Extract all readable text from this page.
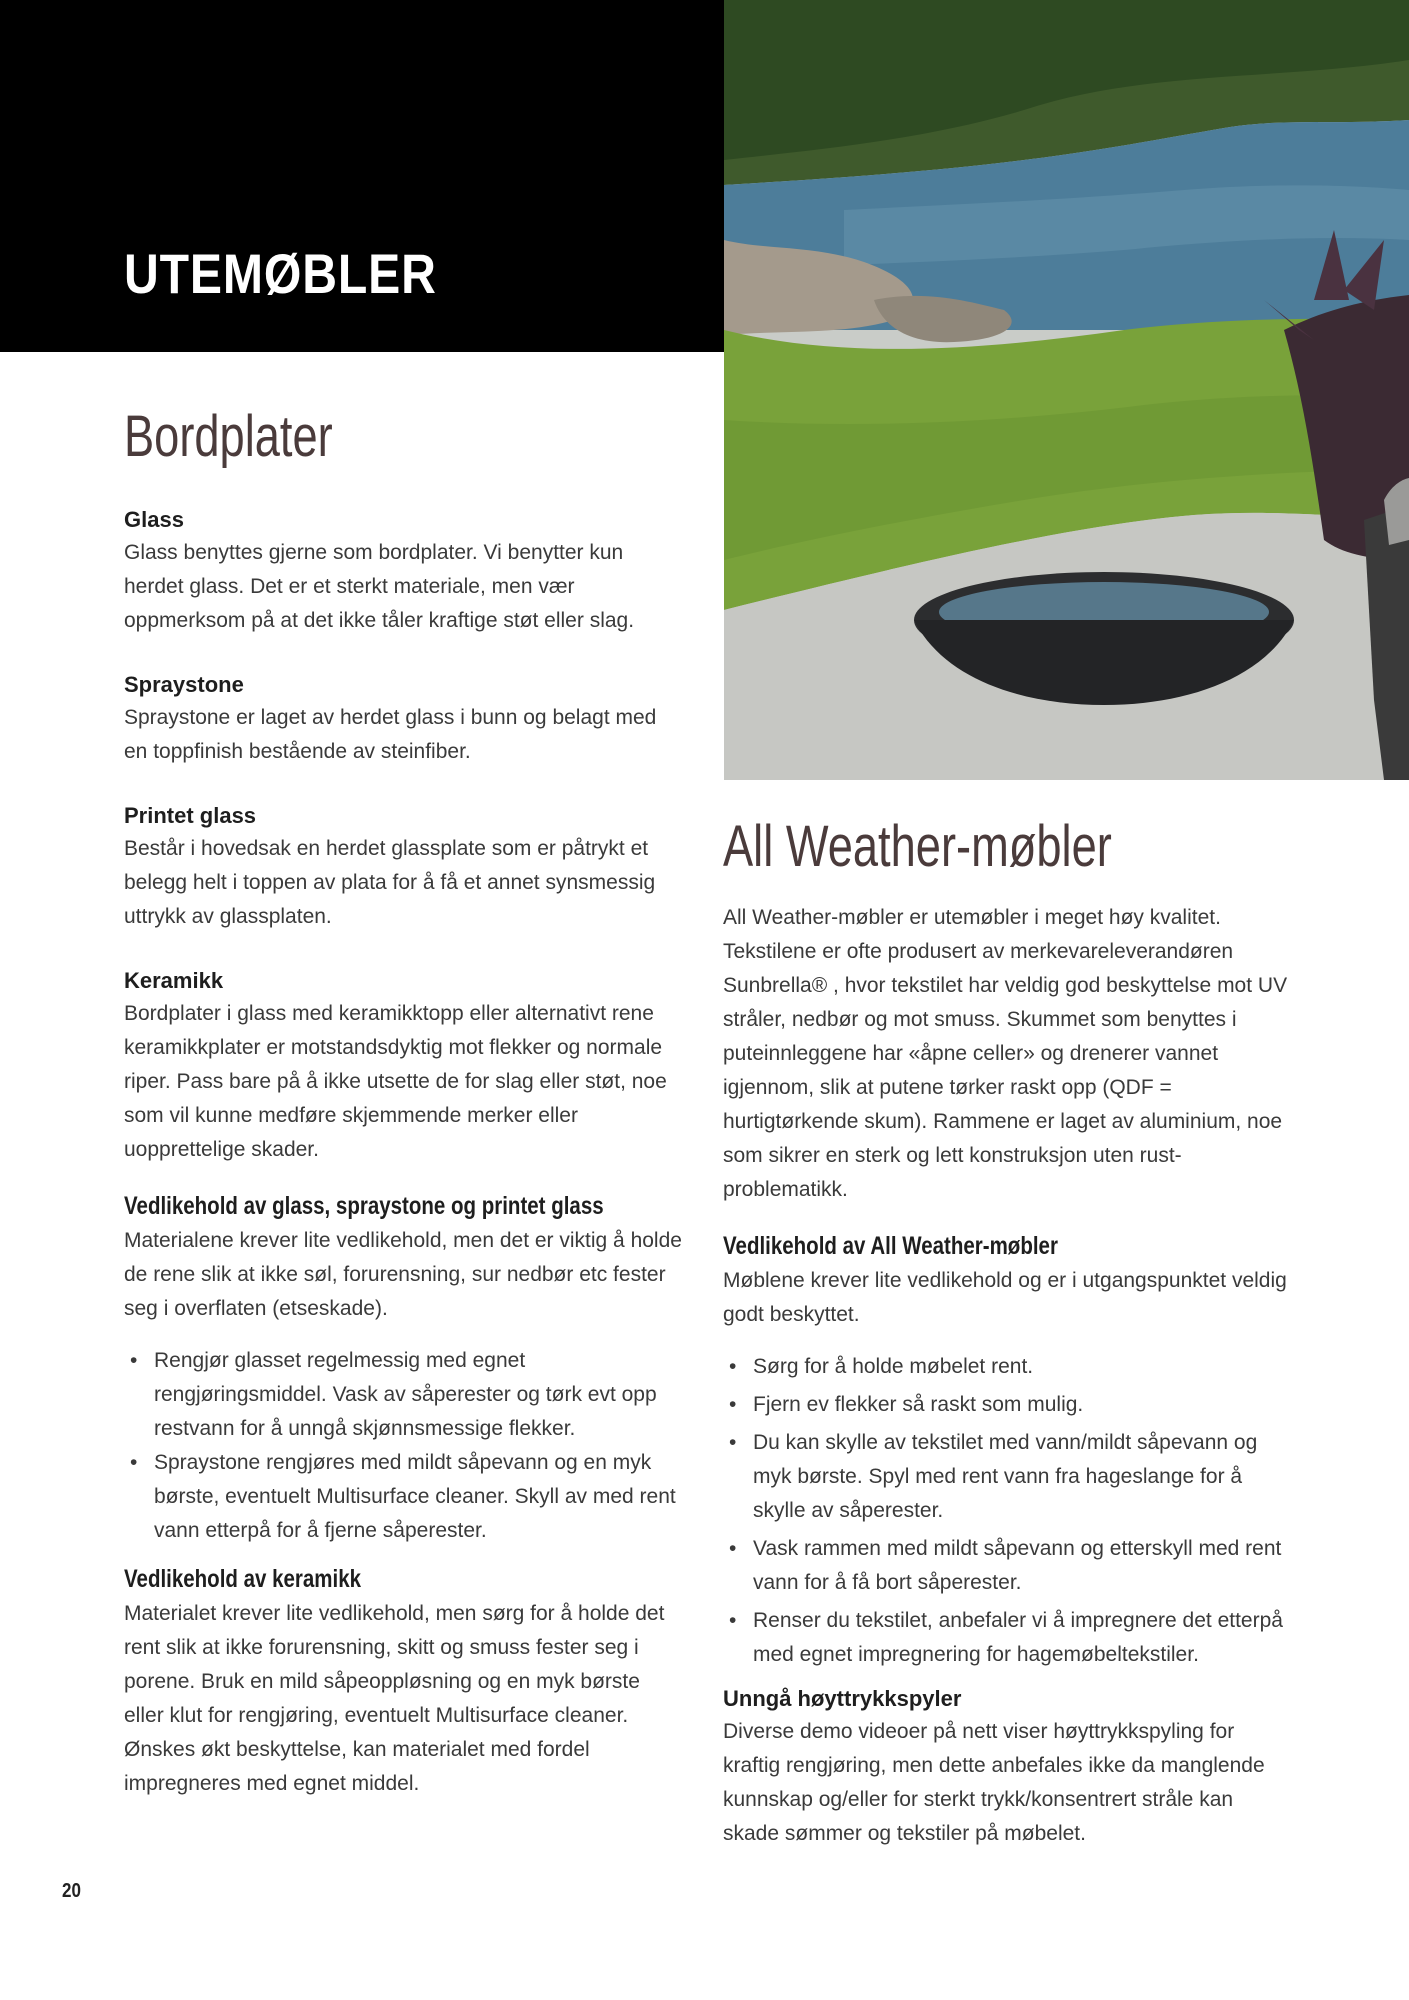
UTEMØBLER
Bordplater
Glass

Glass benyttes gjerne som bordplater. Vi benytter kun herdet glass. Det er et sterkt materiale, men vær oppmerksom på at det ikke tåler kraftige støt eller slag.

Spraystone

Spraystone er laget av herdet glass i bunn og belagt med en toppfinish bestående av steinfiber.

Printet glass

Består i hovedsak en herdet glassplate som er påtrykt et belegg helt i toppen av plata for å få et annet synsmessig uttrykk av glassplaten.

Keramikk

Bordplater i glass med keramikktopp eller alternativt rene keramikkplater er motstandsdyktig mot flekker og normale riper. Pass bare på å ikke utsette de for slag eller støt, noe som vil kunne medføre skjemmende merker eller uopprettelige skader.

Vedlikehold av glass, spraystone og printet glass

Materialene krever lite vedlikehold, men det er viktig å holde de rene slik at ikke søl, forurensning, sur nedbør etc fester seg i overflaten (etseskade).

• Rengjør glasset regelmessig med egnet rengjøringsmiddel. Vask av såperester og tørk evt opp restvann for å unngå skjønnsmessige flekker.
• Spraystone rengjøres med mildt såpevann og en myk børste, eventuelt Multisurface cleaner. Skyll av med rent vann etterpå for å fjerne såperester.
Vedlikehold av keramikk

Materialet krever lite vedlikehold, men sørg for å holde det rent slik at ikke forurensning, skitt og smuss fester seg i porene. Bruk en mild såpeoppløsning og en myk børste eller klut for rengjøring, eventuelt Multisurface cleaner. Ønskes økt beskyttelse, kan materialet med fordel impregneres med egnet middel.

All Weather-møbler

All Weather-møbler er utemøbler i meget høy kvalitet. Tekstilene er ofte produsert av merkevareleverandøren Sunbrella® , hvor tekstilet har veldig god beskyttelse mot UV stråler, nedbør og mot smuss. Skummet som benyttes i puteinnleggene har «åpne celler» og drenerer vannet igjennom, slik at putene tørker raskt opp (QDF = hurtigtørkende skum). Rammene er laget av aluminium, noe som sikrer en sterk og lett konstruksjon uten rust-problematikk.

Vedlikehold av All Weather-møbler

Møblene krever lite vedlikehold og er i utgangspunktet veldig godt beskyttet.

• Sørg for å holde møbelet rent.
• Fjern ev flekker så raskt som mulig.
• Du kan skylle av tekstilet med vann/mildt såpevann og myk børste. Spyl med rent vann fra hageslange for å skylle av såperester.
• Vask rammen med mildt såpevann og etterskyll med rent vann for å få bort såperester.
• Renser du tekstilet, anbefaler vi å impregnere det etterpå med egnet impregnering for hagemøbeltekstiler.
Unngå høyttrykkspyler

Diverse demo videoer på nett viser høyttrykkspyling for kraftig rengjøring, men dette anbefales ikke da manglende kunnskap og/eller for sterkt trykk/konsentrert stråle kan skade sømmer og tekstiler på møbelet.

20
